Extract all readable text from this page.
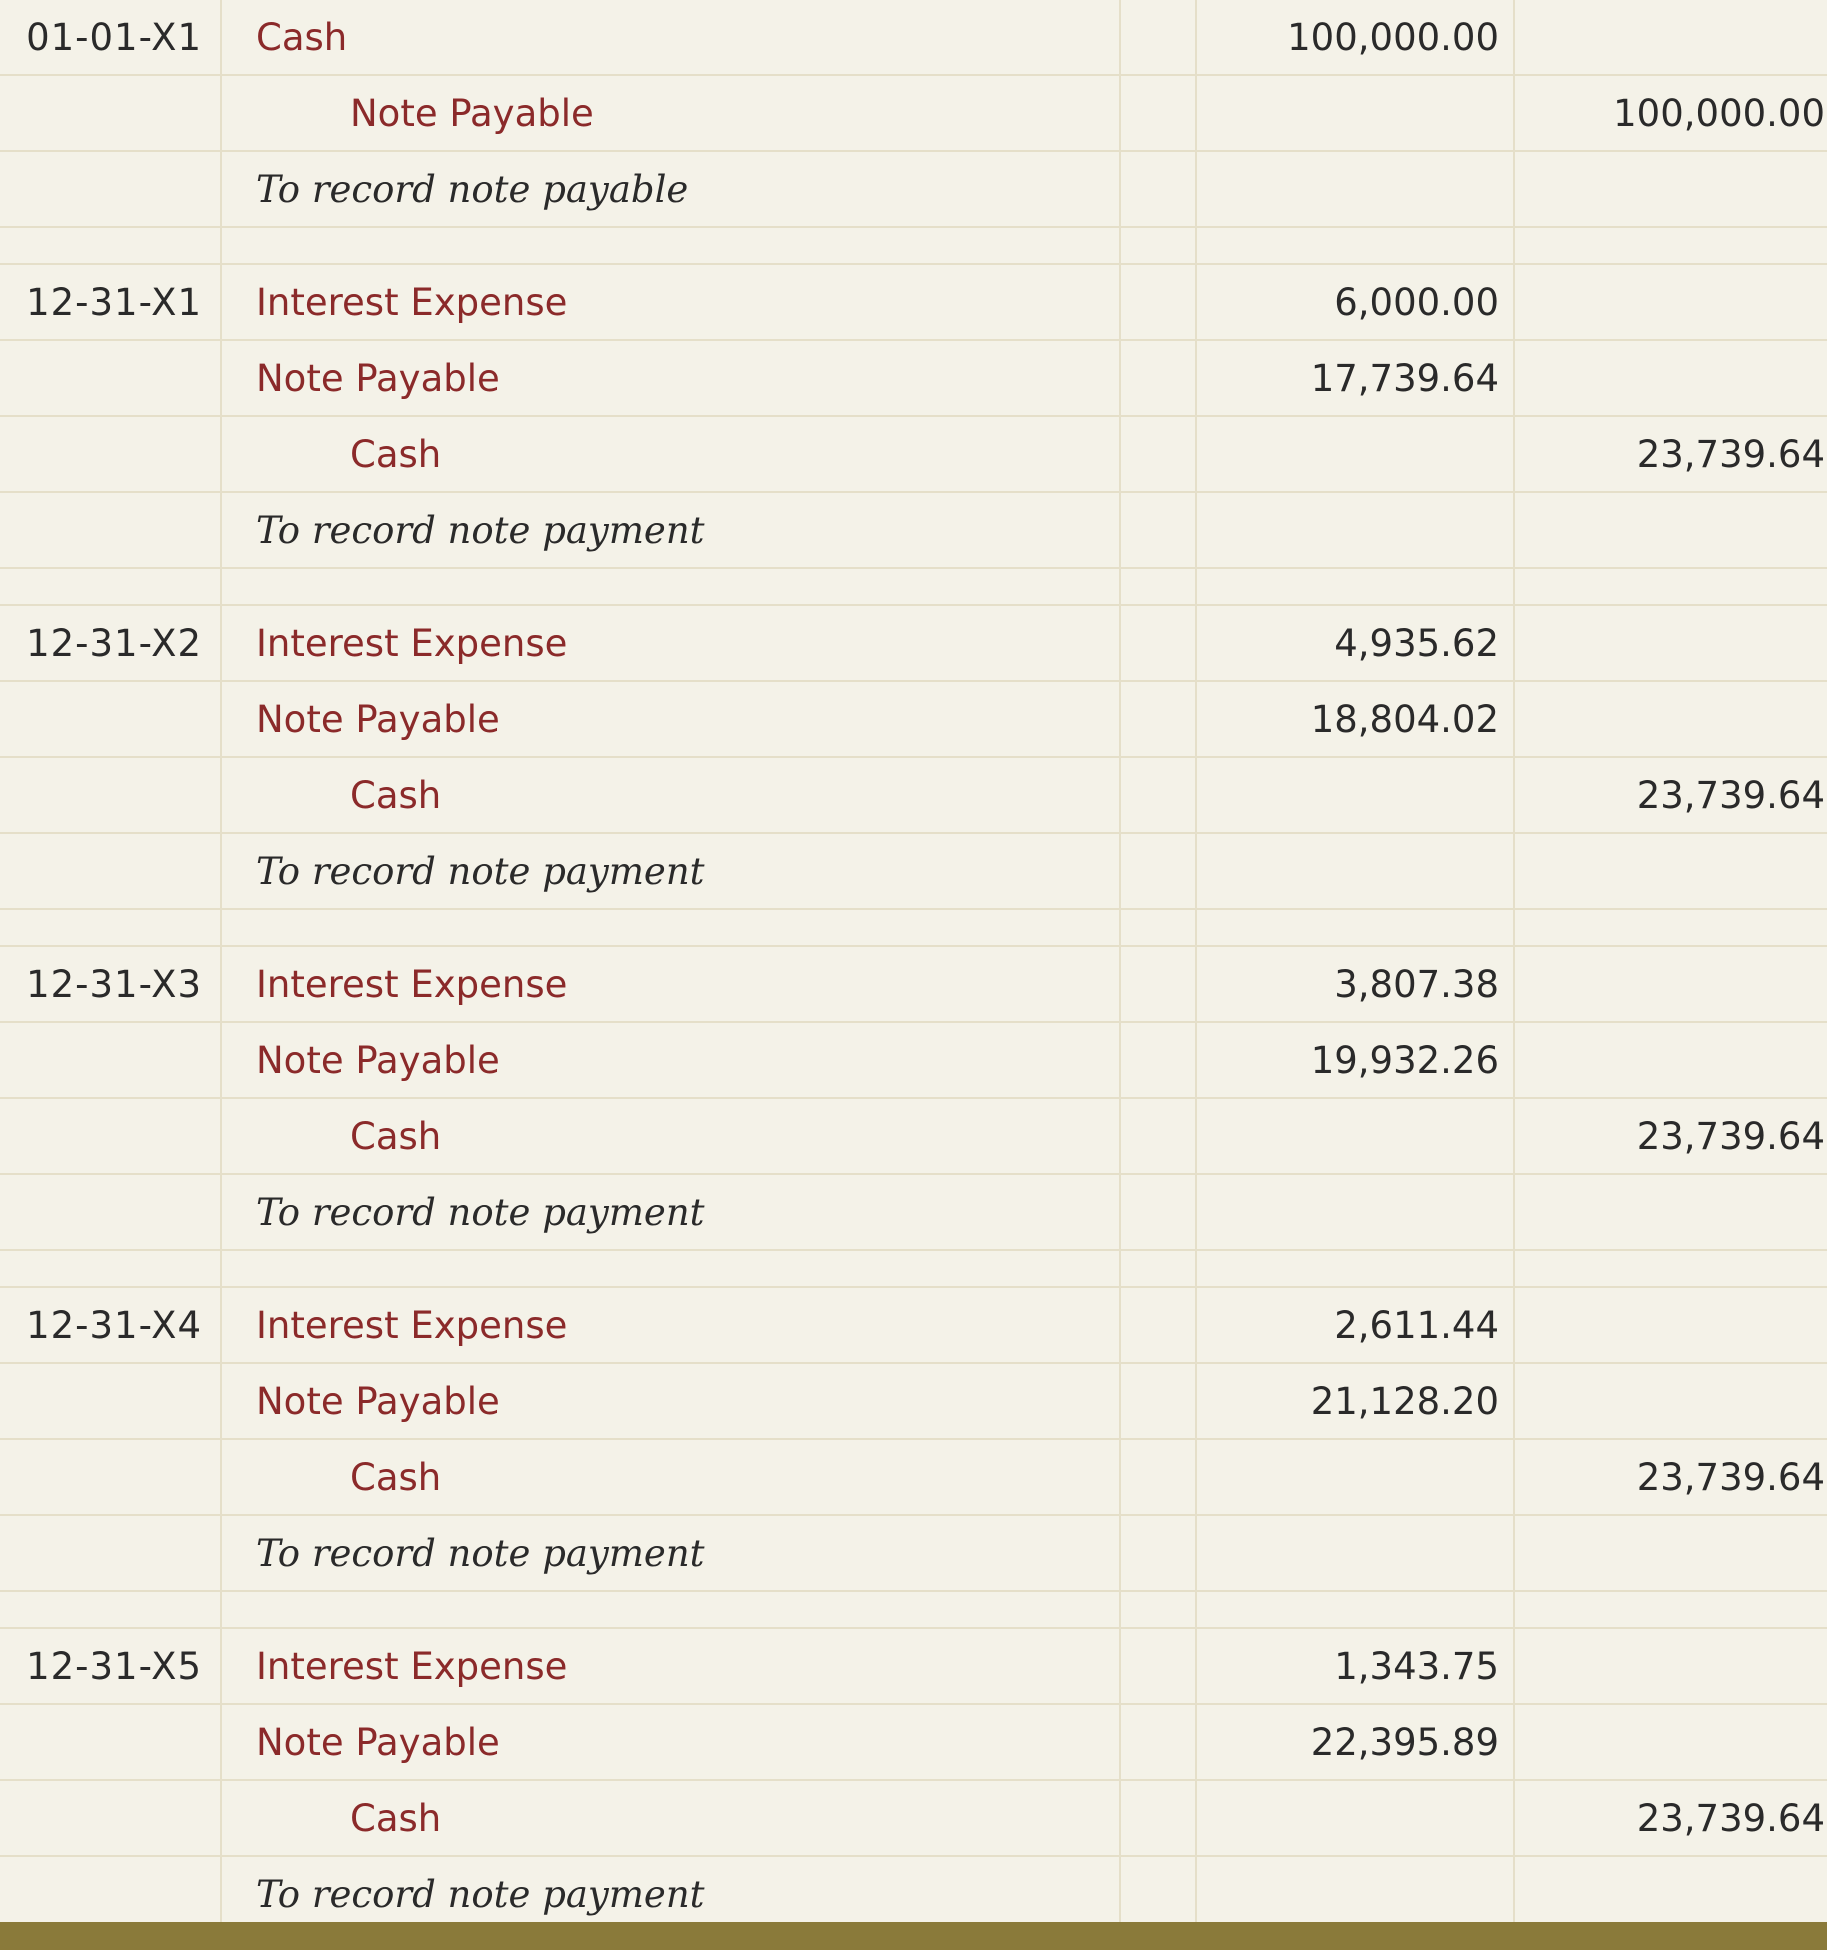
01-01-X1	Cash		100,000.00	
	Note Payable			100,000.00
	To record note payable			

12-31-X1	Interest Expense		6,000.00	
	Note Payable		17,739.64	
	Cash			23,739.64
	To record note payment			

12-31-X2	Interest Expense		4,935.62	
	Note Payable		18,804.02	
	Cash			23,739.64
	To record note payment			

12-31-X3	Interest Expense		3,807.38	
	Note Payable		19,932.26	
	Cash			23,739.64
	To record note payment			

12-31-X4	Interest Expense		2,611.44	
	Note Payable		21,128.20	
	Cash			23,739.64
	To record note payment			

12-31-X5	Interest Expense		1,343.75	
	Note Payable		22,395.89	
	Cash			23,739.64
	To record note payment			
